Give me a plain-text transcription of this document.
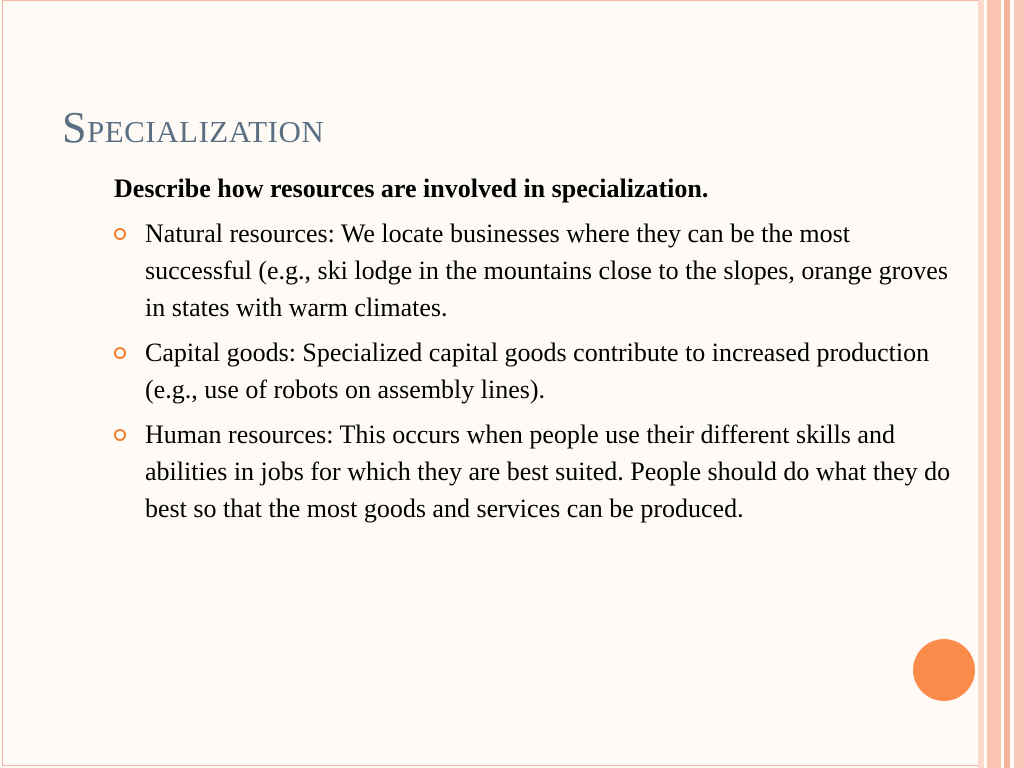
Specialization

Describe how resources are involved in specialization.

Natural resources: We locate businesses where they can be the most successful (e.g., ski lodge in the mountains close to the slopes, orange groves in states with warm climates.
Capital goods: Specialized capital goods contribute to increased production (e.g., use of robots on assembly lines).
Human resources: This occurs when people use their different skills and abilities in jobs for which they are best suited. People should do what they do best so that the most goods and services can be produced.
